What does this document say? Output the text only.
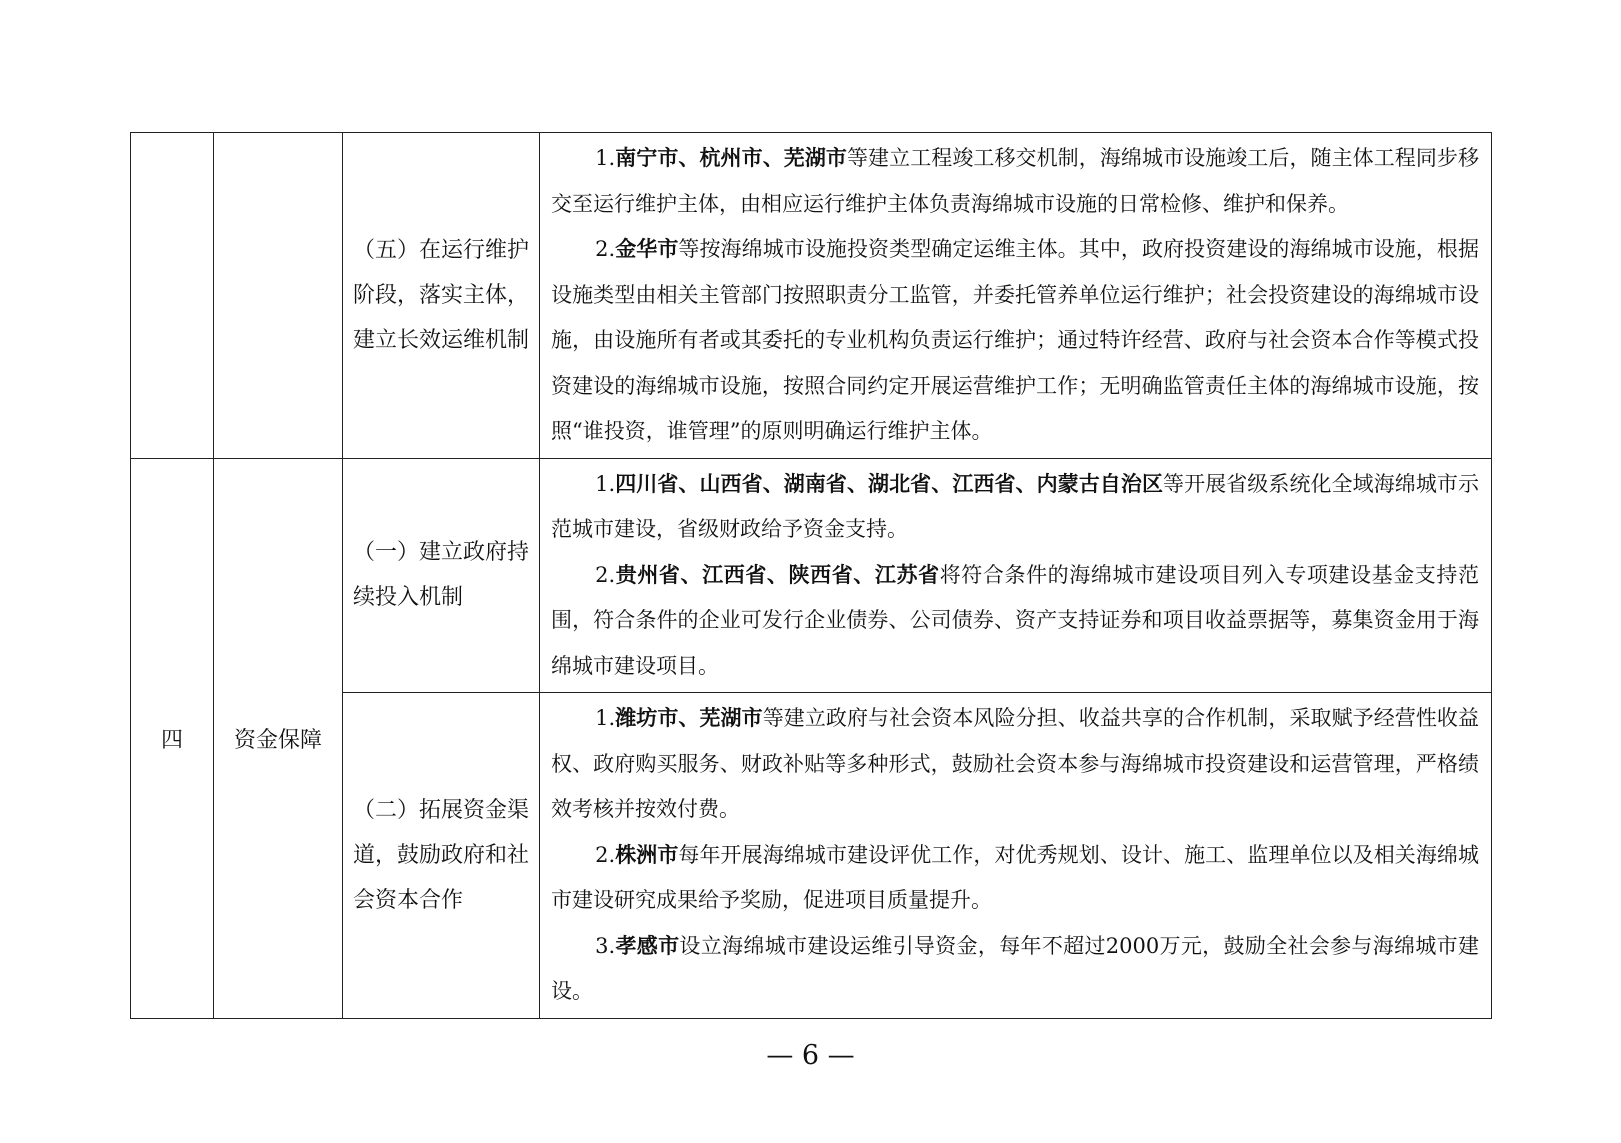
		（五）在运行维护阶段，落实主体，建立长效运维机制	1.南宁市、杭州市、芜湖市等建立工程竣工移交机制，海绵城市设施竣工后，随主体工程同步移交至运行维护主体，由相应运行维护主体负责海绵城市设施的日常检修、维护和保养。

2.金华市等按海绵城市设施投资类型确定运维主体。其中，政府投资建设的海绵城市设施，根据设施类型由相关主管部门按照职责分工监管，并委托管养单位运行维护；社会投资建设的海绵城市设施，由设施所有者或其委托的专业机构负责运行维护；通过特许经营、政府与社会资本合作等模式投资建设的海绵城市设施，按照合同约定开展运营维护工作；无明确监管责任主体的海绵城市设施，按照“谁投资，谁管理”的原则明确运行维护主体。

四	资金保障	（一）建立政府持续投入机制	1.四川省、山西省、湖南省、湖北省、江西省、内蒙古自治区等开展省级系统化全域海绵城市示范城市建设，省级财政给予资金支持。

2.贵州省、江西省、陕西省、江苏省将符合条件的海绵城市建设项目列入专项建设基金支持范围，符合条件的企业可发行企业债券、公司债券、资产支持证券和项目收益票据等，募集资金用于海绵城市建设项目。

		（二）拓展资金渠道，鼓励政府和社会资本合作	1.潍坊市、芜湖市等建立政府与社会资本风险分担、收益共享的合作机制，采取赋予经营性收益权、政府购买服务、财政补贴等多种形式，鼓励社会资本参与海绵城市投资建设和运营管理，严格绩效考核并按效付费。

2.株洲市每年开展海绵城市建设评优工作，对优秀规划、设计、施工、监理单位以及相关海绵城市建设研究成果给予奖励，促进项目质量提升。

3.孝感市设立海绵城市建设运维引导资金，每年不超过2000万元，鼓励全社会参与海绵城市建设。

— 6 —
